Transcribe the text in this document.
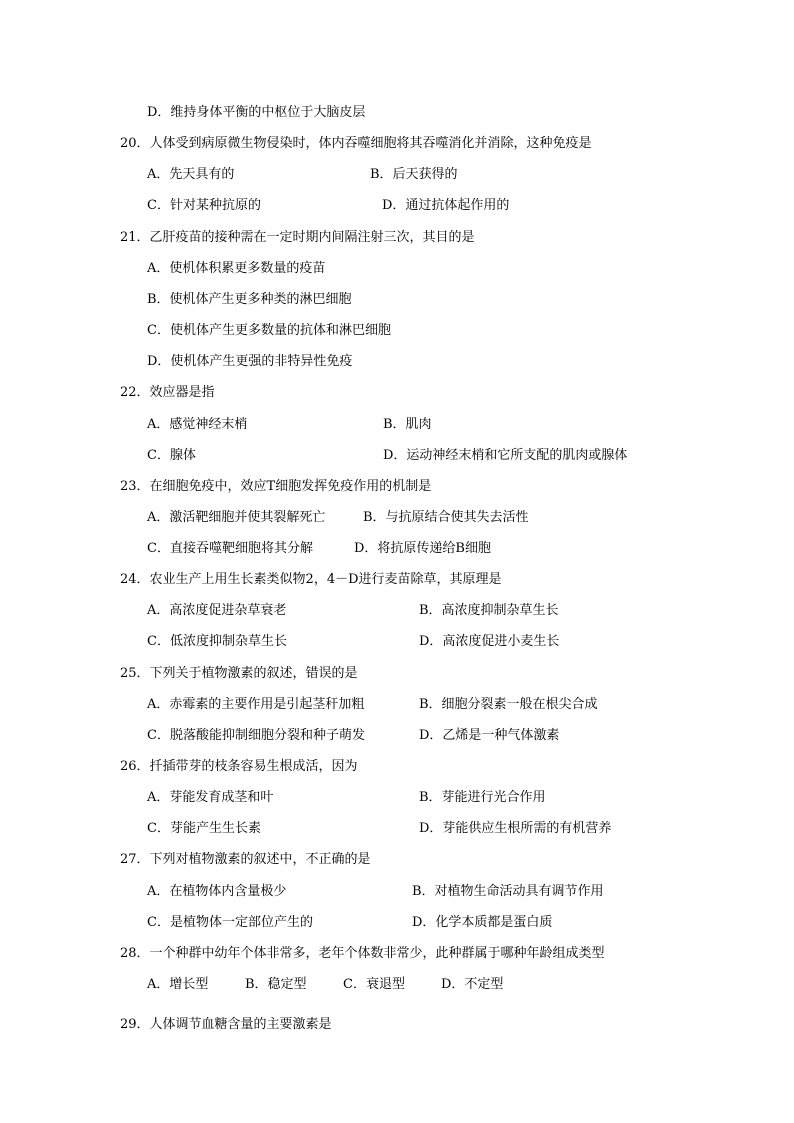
D．维持身体平衡的中枢位于大脑皮层
20．人体受到病原微生物侵染时，体内吞噬细胞将其吞噬消化并消除，这种免疫是
A．先天具有的	B．后天获得的
C．针对某种抗原的	D．通过抗体起作用的
21．乙肝疫苗的接种需在一定时期内间隔注射三次，其目的是
A．使机体积累更多数量的疫苗
B．使机体产生更多种类的淋巴细胞
C．使机体产生更多数量的抗体和淋巴细胞
D．使机体产生更强的非特异性免疫
22．效应器是指
A．感觉神经末梢	B．肌肉
C．腺体	D．运动神经末梢和它所支配的肌肉或腺体
23．在细胞免疫中，效应T细胞发挥免疫作用的机制是
A．激活靶细胞并使其裂解死亡	B．与抗原结合使其失去活性
C．直接吞噬靶细胞将其分解	D．将抗原传递给B细胞
24．农业生产上用生长素类似物2，4－D进行麦苗除草，其原理是
A．高浓度促进杂草衰老	B．高浓度抑制杂草生长
C．低浓度抑制杂草生长	D．高浓度促进小麦生长
25．下列关于植物激素的叙述，错误的是
A．赤霉素的主要作用是引起茎秆加粗	B．细胞分裂素一般在根尖合成
C．脱落酸能抑制细胞分裂和种子萌发	D．乙烯是一种气体激素
26．扦插带芽的枝条容易生根成活，因为
A．芽能发育成茎和叶	B．芽能进行光合作用
C．芽能产生生长素	D．芽能供应生根所需的有机营养
27．下列对植物激素的叙述中，不正确的是
A．在植物体内含量极少	B．对植物生命活动具有调节作用
C．是植物体一定部位产生的	D．化学本质都是蛋白质
28．一个种群中幼年个体非常多，老年个体数非常少，此种群属于哪种年龄组成类型
A．增长型	B．稳定型	C．衰退型	D．不定型
29．人体调节血糖含量的主要激素是
